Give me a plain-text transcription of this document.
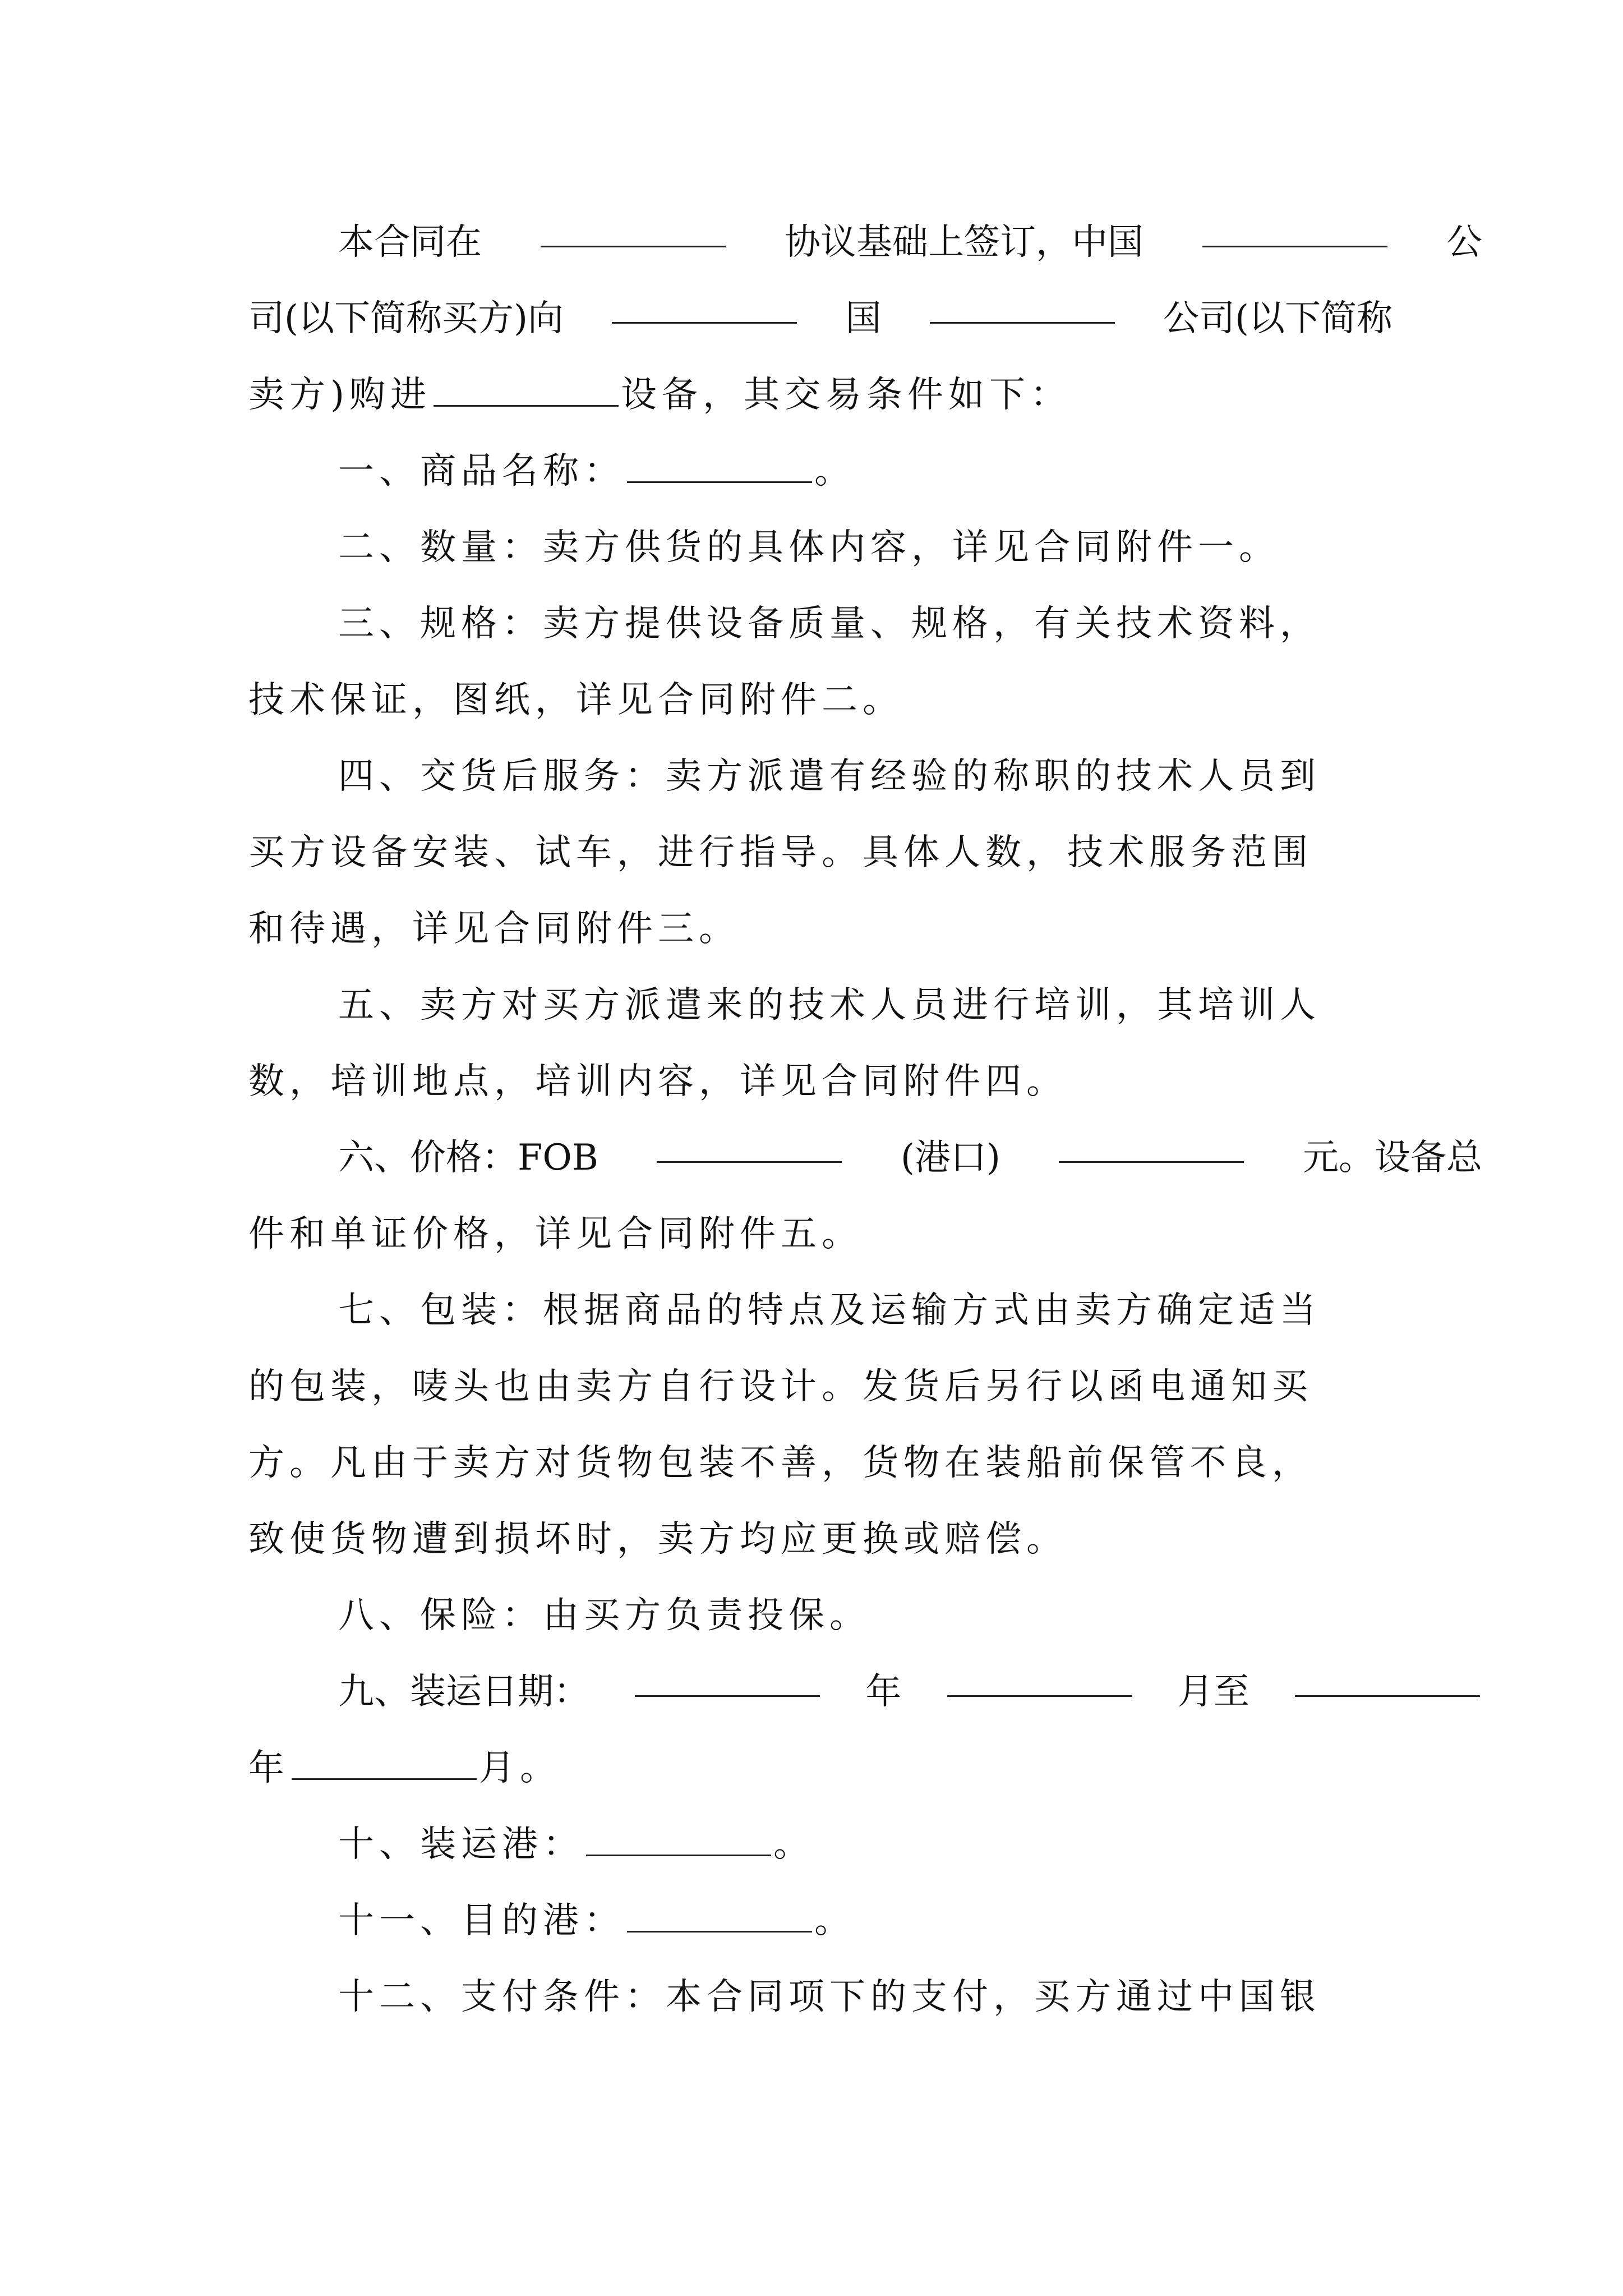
本合同在	协议基础上签订，中国	公
司(以下简称买方)向	国	公司(以下简称
卖方)购进	设备，其交易条件如下：
一、商品名称：	。
二、数量：卖方供货的具体内容，详见合同附件一。
三、规格：卖方提供设备质量、规格，有关技术资料，
技术保证，图纸，详见合同附件二。
四、交货后服务：卖方派遣有经验的称职的技术人员到
买方设备安装、试车，进行指导。具体人数，技术服务范围
和待遇，详见合同附件三。
五、卖方对买方派遣来的技术人员进行培训，其培训人
数，培训地点，培训内容，详见合同附件四。
六、价格：FOB	(港口)	元。设备总
件和单证价格，详见合同附件五。
七、包装：根据商品的特点及运输方式由卖方确定适当
的包装，唛头也由卖方自行设计。发货后另行以函电通知买
方。凡由于卖方对货物包装不善，货物在装船前保管不良，
致使货物遭到损坏时，卖方均应更换或赔偿。
八、保险：由买方负责投保。
九、装运日期：	年	月至
年	月。
十、装运港：	。
十一、目的港：	。
十二、支付条件：本合同项下的支付，买方通过中国银
